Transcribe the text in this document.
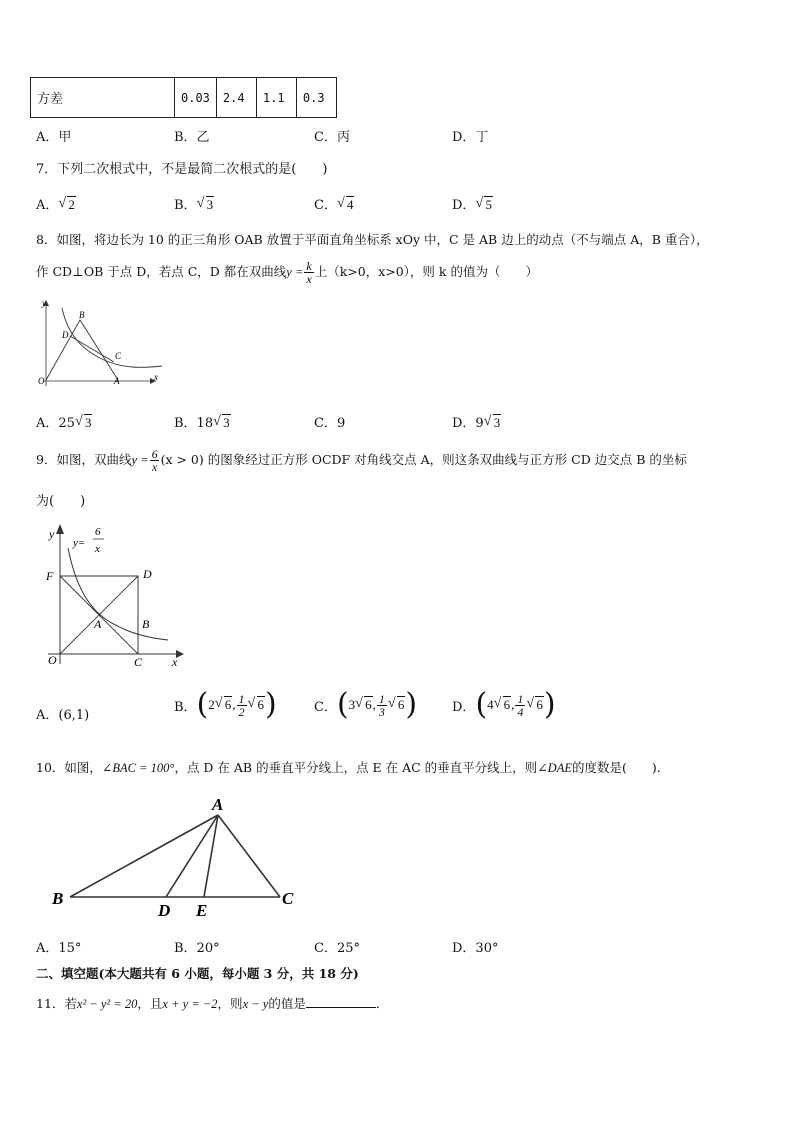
方差	0.03	2.4	1.1	0.3
A．甲	B．乙	C．丙	D．丁
7．下列二次根式中，不是最简二次根式的是(　　)
A． √ 2	B． √ 3	C． √ 4	D． √ 5
8．如图，将边长为 10 的正三角形 OAB 放置于平面直角坐标系 xOy 中，C 是 AB 边上的动点（不与端点 A，B 重合），
作 CD⊥OB 于点 D，若点 C，D 都在双曲线$y = \frac{k}{x}$ 上（k>0，x>0），则 k 的值为（　　）
y
x
O	A
B
C
D
A．25 √ 3	B．18 √ 3	C．9	D．9 √ 3
9．如图，双曲线$y = \frac{6}{x} (x > 0)$ 的图象经过正方形 OCDF 对角线交点 A，则这条双曲线与正方形 CD 边交点 B 的坐标
为(　　)
y
x
y=
6
x
F	D
A	B
O	C
A．(6,1)
B． ( 2 √ 6 , $\frac{1}{2}$ √ 6 )	C． ( 3 √ 6 , $\frac{1}{3}$ √ 6 )	D． ( 4 √ 6 , $\frac{1}{4}$ √ 6 )
10．如图，∠BAC = 100°，点 D 在 AB 的垂直平分线上，点 E 在 AC 的垂直平分线上，则∠DAE的度数是(　　).
A
B	C
D E
A．15°	B．20°	C．25°	D．30°
二、填空题(本大题共有 6 小题，每小题 3 分，共 18 分)
11．若x² − y² = 20，且x + y = −2，则x − y的值是	．
